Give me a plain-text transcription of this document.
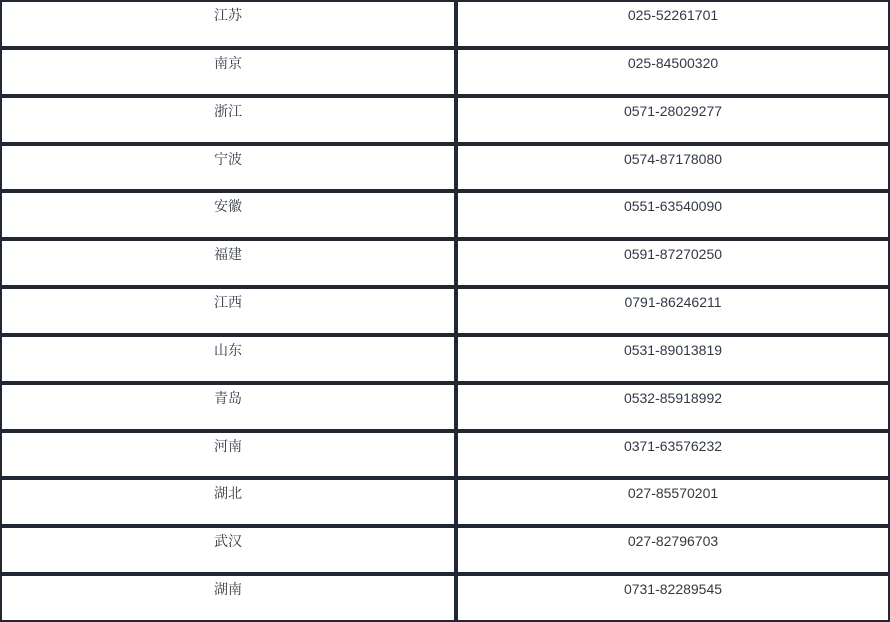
江苏	025-52261701
南京	025-84500320
浙江	0571-28029277
宁波	0574-87178080
安徽	0551-63540090
福建	0591-87270250
江西	0791-86246211
山东	0531-89013819
青岛	0532-85918992
河南	0371-63576232
湖北	027-85570201
武汉	027-82796703
湖南	0731-82289545
